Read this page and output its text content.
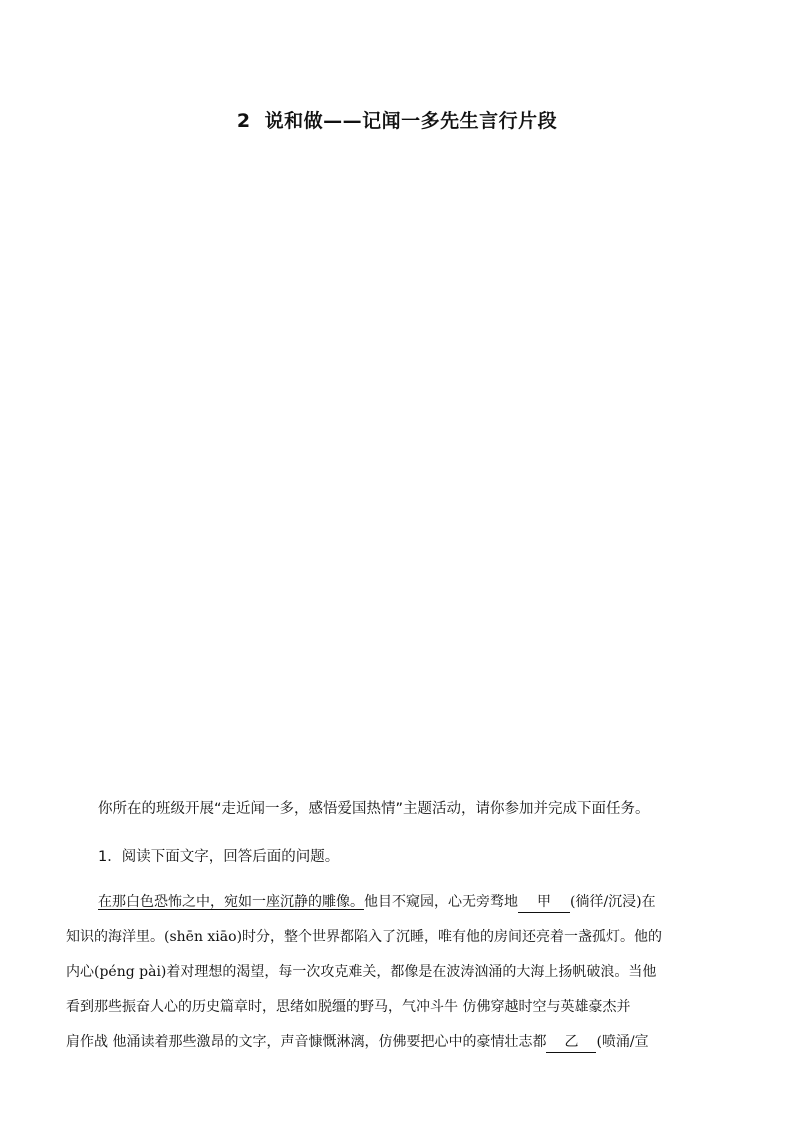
2 说和做——记闻一多先生言行片段
你所在的班级开展“走近闻一多，感悟爱国热情”主题活动，请你参加并完成下面任务。
1．阅读下面文字，回答后面的问题。
在那白色恐怖之中，宛如一座沉静的雕像。他目不窥园，心无旁骛地 甲 (徜徉/沉浸)在
知识的海洋里。(shēn xiāo)时分，整个世界都陷入了沉睡，唯有他的房间还亮着一盏孤灯。他的
内心(péng pài)着对理想的渴望，每一次攻克难关，都像是在波涛汹涌的大海上扬帆破浪。当他
看到那些振奋人心的历史篇章时，思绪如脱缰的野马，气冲斗牛 仿佛穿越时空与英雄豪杰并
肩作战 他涌读着那些激昂的文字，声音慷慨淋漓，仿佛要把心中的豪情壮志都 乙 (喷涌/宣
